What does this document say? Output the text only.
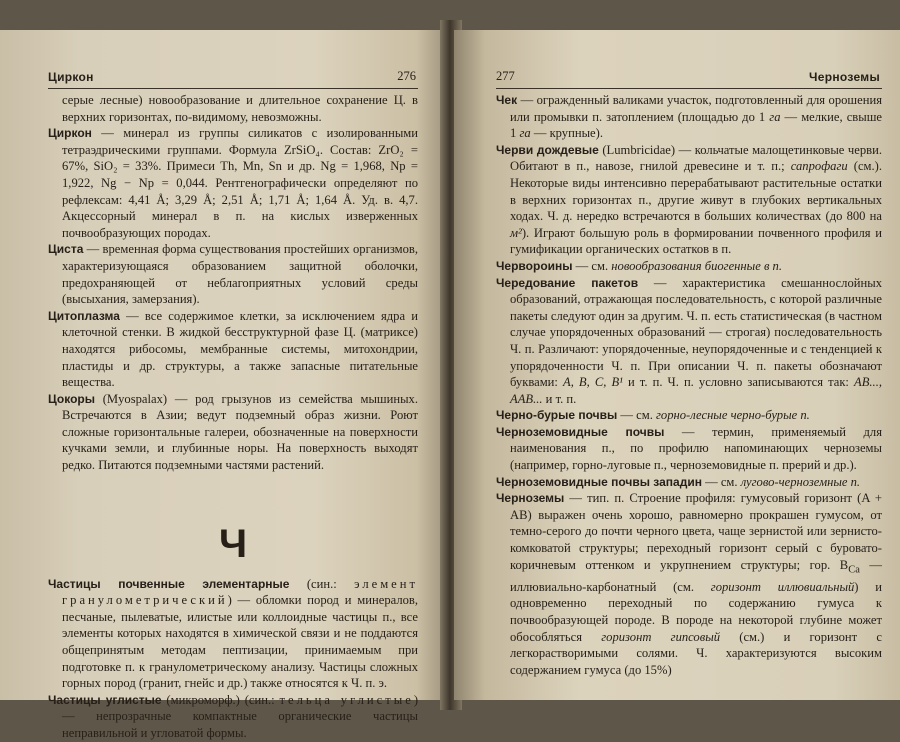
Циркон	276

серые лесные) новообразование и длительное сохранение Ц. в верхних горизонтах, по-видимому, невозможны.

Циркон — минерал из группы силикатов с изолированными тетраэдрическими группами. Формула ZrSiO₄. Состав: ZrO₂ = 67%, SiO₂ = 33%. Примеси Th, Mn, Sn и др. Ng = 1,968, Np = 1,922, Ng − Np = 0,044. Рентгенографически определяют по рефлексам: 4,41 Å; 3,29 Å; 2,51 Å; 1,71 Å; 1,64 Å. Уд. в. 4,7. Акцессорный минерал в п. на кислых изверженных почвообразующих породах.

Циста — временная форма существования простейших организмов, характеризующаяся образованием защитной оболочки, предохраняющей от неблагоприятных условий среды (высыхания, замерзания).

Цитоплазма — все содержимое клетки, за исключением ядра и клеточной стенки. В жидкой бесструктурной фазе Ц. (матриксе) находятся рибосомы, мембранные системы, митохондрии, пластиды и др. структуры, а также запасные питательные вещества.

Цокоры (Myospalax) — род грызунов из семейства мышиных. Встречаются в Азии; ведут подземный образ жизни. Роют сложные горизонтальные галереи, обозначенные на поверхности кучками земли, и глубинные норы. На поверхность выходят редко. Питаются подземными частями растений.

Ч

Частицы почвенные элементарные (син.: элемент гранулометрический) — обломки пород и минералов, песчаные, пылеватые, илистые или коллоидные частицы п., все элементы которых находятся в химической связи и не поддаются общепринятым методам пептизации, принимаемым при подготовке п. к гранулометрическому анализу. Частицы сложных горных пород (гранит, гнейс и др.) также относятся к Ч. п. э.

Частицы углистые (микроморф.) (син.: тельца углистые) — непрозрачные компактные органические частицы неправильной и угловатой формы.

277	Черноземы

Чек — огражденный валиками участок, подготовленный для орошения или промывки п. затоплением (площадью до 1 га — мелкие, свыше 1 га — крупные).

Черви дождевые (Lumbricidae) — кольчатые малощетинковые черви. Обитают в п., навозе, гнилой древесине и т. п.; сапрофаги (см.). Некоторые виды интенсивно перерабатывают растительные остатки в верхних горизонтах п., другие живут в глубоких вертикальных ходах. Ч. д. нередко встречаются в больших количествах (до 800 на м²). Играют большую роль в формировании почвенного профиля и гумификации органических остатков в п.

Червороины — см. новообразования биогенные в п.

Чередование пакетов — характеристика смешаннослойных образований, отражающая последовательность, с которой различные пакеты следуют один за другим. Ч. п. есть статистическая (в частном случае упорядоченных образований — строгая) последовательность Ч. п. Различают: упорядоченные, неупорядоченные и с тенденцией к упорядоченности Ч. п. При описании Ч. п. пакеты обозначают буквами: A, B, C, B¹ и т. п. Ч. п. условно записываются так: AB..., AAB... и т. п.

Черно-бурые почвы — см. горно-лесные черно-бурые п.

Черноземовидные почвы — термин, применяемый для наименования п., по профилю напоминающих черноземы (например, горно-луговые п., черноземовидные п. прерий и др.).

Черноземовидные почвы западин — см. лугово-черноземные п.

Черноземы — тип. п. Строение профиля: гумусовый горизонт (A + AB) выражен очень хорошо, равномерно прокрашен гумусом, от темно-серого до почти черного цвета, чаще зернистой или зернисто-комковатой структуры; переходный горизонт серый с буровато-коричневым оттенком и укрупнением структуры; гор. $B_{Ca}$ — иллювиально-карбонатный (см. горизонт иллювиальный) и одновременно переходный по содержанию гумуса к почвообразующей породе. В породе на некоторой глубине может обособляться горизонт гипсовый (см.) и горизонт с легкорастворимыми солями. Ч. характеризуются высоким содержанием гумуса (до 15%)
